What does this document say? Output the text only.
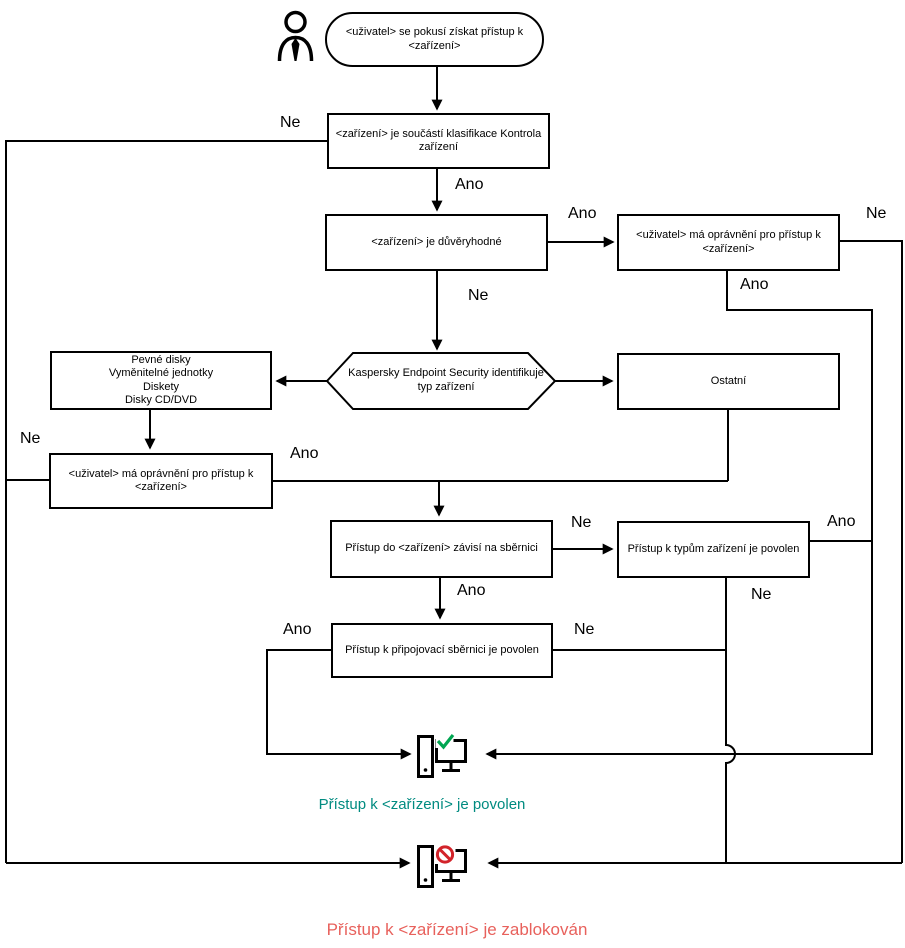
<uživatel> se pokusí získat přístup k <zařízení>
<zařízení> je součástí klasifikace Kontrola zařízení
<zařízení> je důvěryhodné
<uživatel> má oprávnění pro přístup k <zařízení>
Kaspersky Endpoint Security identifikuje typ zařízení
Pevné disky
Vyměnitelné jednotky
Diskety
Disky CD/DVD
Ostatní
<uživatel> má oprávnění pro přístup k <zařízení>
Přístup do <zařízení> závisí na sběrnici	Přístup k typům zařízení je povolen
Přístup k připojovací sběrnici je povolen
Ne
Ano
Ano	Ne
Ano
Ne
Ne
Ano
Ne	Ano
Ano	Ne
Ano	Ne
Přístup k <zařízení> je povolen
Přístup k <zařízení> je zablokován
